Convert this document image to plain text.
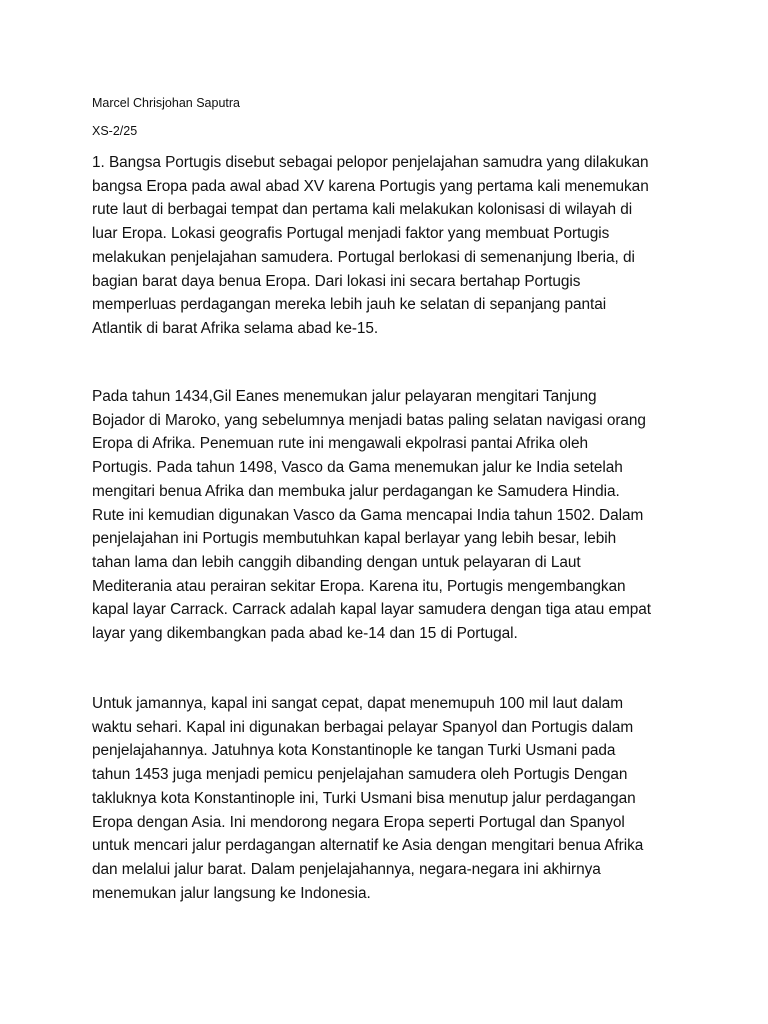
Marcel Chrisjohan Saputra

XS-2/25

1. Bangsa Portugis disebut sebagai pelopor penjelajahan samudra yang dilakukan
bangsa Eropa pada awal abad XV karena Portugis yang pertama kali menemukan
rute laut di berbagai tempat dan pertama kali melakukan kolonisasi di wilayah di
luar Eropa. Lokasi geografis Portugal menjadi faktor yang membuat Portugis
melakukan penjelajahan samudera. Portugal berlokasi di semenanjung Iberia, di
bagian barat daya benua Eropa. Dari lokasi ini secara bertahap Portugis
memperluas perdagangan mereka lebih jauh ke selatan di sepanjang pantai
Atlantik di barat Afrika selama abad ke-15.
Pada tahun 1434,Gil Eanes menemukan jalur pelayaran mengitari Tanjung
Bojador di Maroko, yang sebelumnya menjadi batas paling selatan navigasi orang
Eropa di Afrika. Penemuan rute ini mengawali ekpolrasi pantai Afrika oleh
Portugis. Pada tahun 1498, Vasco da Gama menemukan jalur ke India setelah
mengitari benua Afrika dan membuka jalur perdagangan ke Samudera Hindia.
Rute ini kemudian digunakan Vasco da Gama mencapai India tahun 1502. Dalam
penjelajahan ini Portugis membutuhkan kapal berlayar yang lebih besar, lebih
tahan lama dan lebih canggih dibanding dengan untuk pelayaran di Laut
Mediterania atau perairan sekitar Eropa. Karena itu, Portugis mengembangkan
kapal layar Carrack. Carrack adalah kapal layar samudera dengan tiga atau empat
layar yang dikembangkan pada abad ke-14 dan 15 di Portugal.
Untuk jamannya, kapal ini sangat cepat, dapat menemupuh 100 mil laut dalam
waktu sehari. Kapal ini digunakan berbagai pelayar Spanyol dan Portugis dalam
penjelajahannya. Jatuhnya kota Konstantinople ke tangan Turki Usmani pada
tahun 1453 juga menjadi pemicu penjelajahan samudera oleh Portugis Dengan
takluknya kota Konstantinople ini, Turki Usmani bisa menutup jalur perdagangan
Eropa dengan Asia. Ini mendorong negara Eropa seperti Portugal dan Spanyol
untuk mencari jalur perdagangan alternatif ke Asia dengan mengitari benua Afrika
dan melalui jalur barat. Dalam penjelajahannya, negara-negara ini akhirnya
menemukan jalur langsung ke Indonesia.
